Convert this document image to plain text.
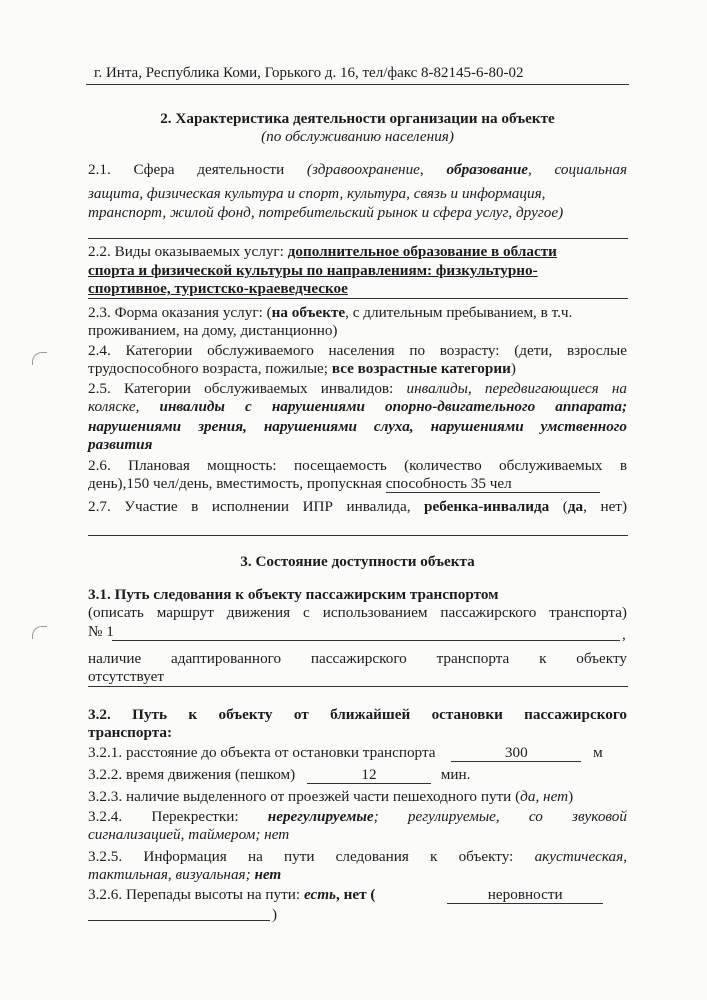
г. Инта, Республика Коми, Горького д. 16, тел/факс 8-82145-6-80-02
2. Характеристика деятельности организации на объекте
(по обслуживанию населения)
2.1. Сфера деятельности (здравоохранение, образование, социальная
защита, физическая культура и спорт, культура, связь и информация,
транспорт, жилой фонд, потребительский рынок и сфера услуг, другое)
2.2. Виды оказываемых услуг: дополнительное образование в области
спорта и физической культуры по направлениям: физкультурно-
спортивное, туристско-краеведческое
2.3. Форма оказания услуг: (на объекте, с длительным пребыванием, в т.ч.
проживанием, на дому, дистанционно)
2.4. Категории обслуживаемого населения по возрасту: (дети, взрослые
трудоспособного возраста, пожилые; все возрастные категории)
2.5. Категории обслуживаемых инвалидов: инвалиды, передвигающиеся на
коляске, инвалиды с нарушениями опорно-двигательного аппарата;
нарушениями зрения, нарушениями слуха, нарушениями умственного
развития
2.6. Плановая мощность: посещаемость (количество обслуживаемых в
день),150 чел/день, вместимость, пропускная способность 35 чел
2.7. Участие в исполнении ИПР инвалида, ребенка-инвалида (да, нет)
3. Состояние доступности объекта
3.1. Путь следования к объекту пассажирским транспортом
(описать маршрут движения с использованием пассажирского транспорта)
№ 1	,
наличие адаптированного пассажирского транспорта к объекту
отсутствует
3.2. Путь к объекту от ближайшей остановки пассажирского
транспорта:
3.2.1. расстояние до объекта от остановки транспорта	300	м
3.2.2. время движения (пешком)	12	мин.
3.2.3. наличие выделенного от проезжей части пешеходного пути (да, нет)
3.2.4. Перекрестки: нерегулируемые; регулируемые, со звуковой
сигнализацией, таймером; нет
3.2.5. Информация на пути следования к объекту: акустическая,
тактильная, визуальная; нет
3.2.6. Перепады высоты на пути: есть, нет (	неровности
)
